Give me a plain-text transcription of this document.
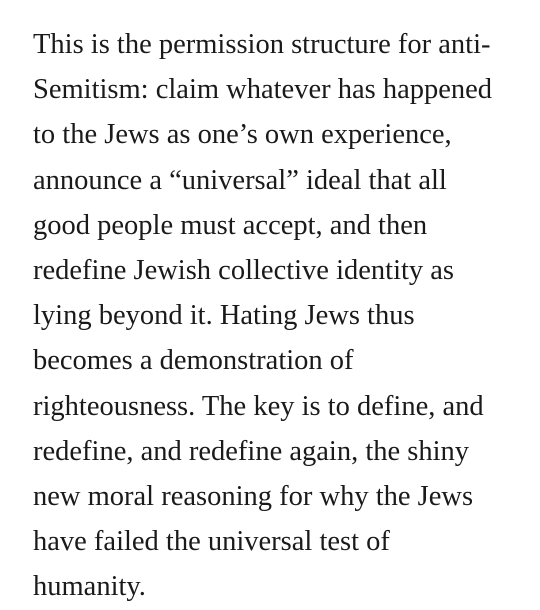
This is the permission structure for anti-
Semitism: claim whatever has happened
to the Jews as one’s own experience,
announce a “universal” ideal that all
good people must accept, and then
redefine Jewish collective identity as
lying beyond it. Hating Jews thus
becomes a demonstration of
righteousness. The key is to define, and
redefine, and redefine again, the shiny
new moral reasoning for why the Jews
have failed the universal test of
humanity.
